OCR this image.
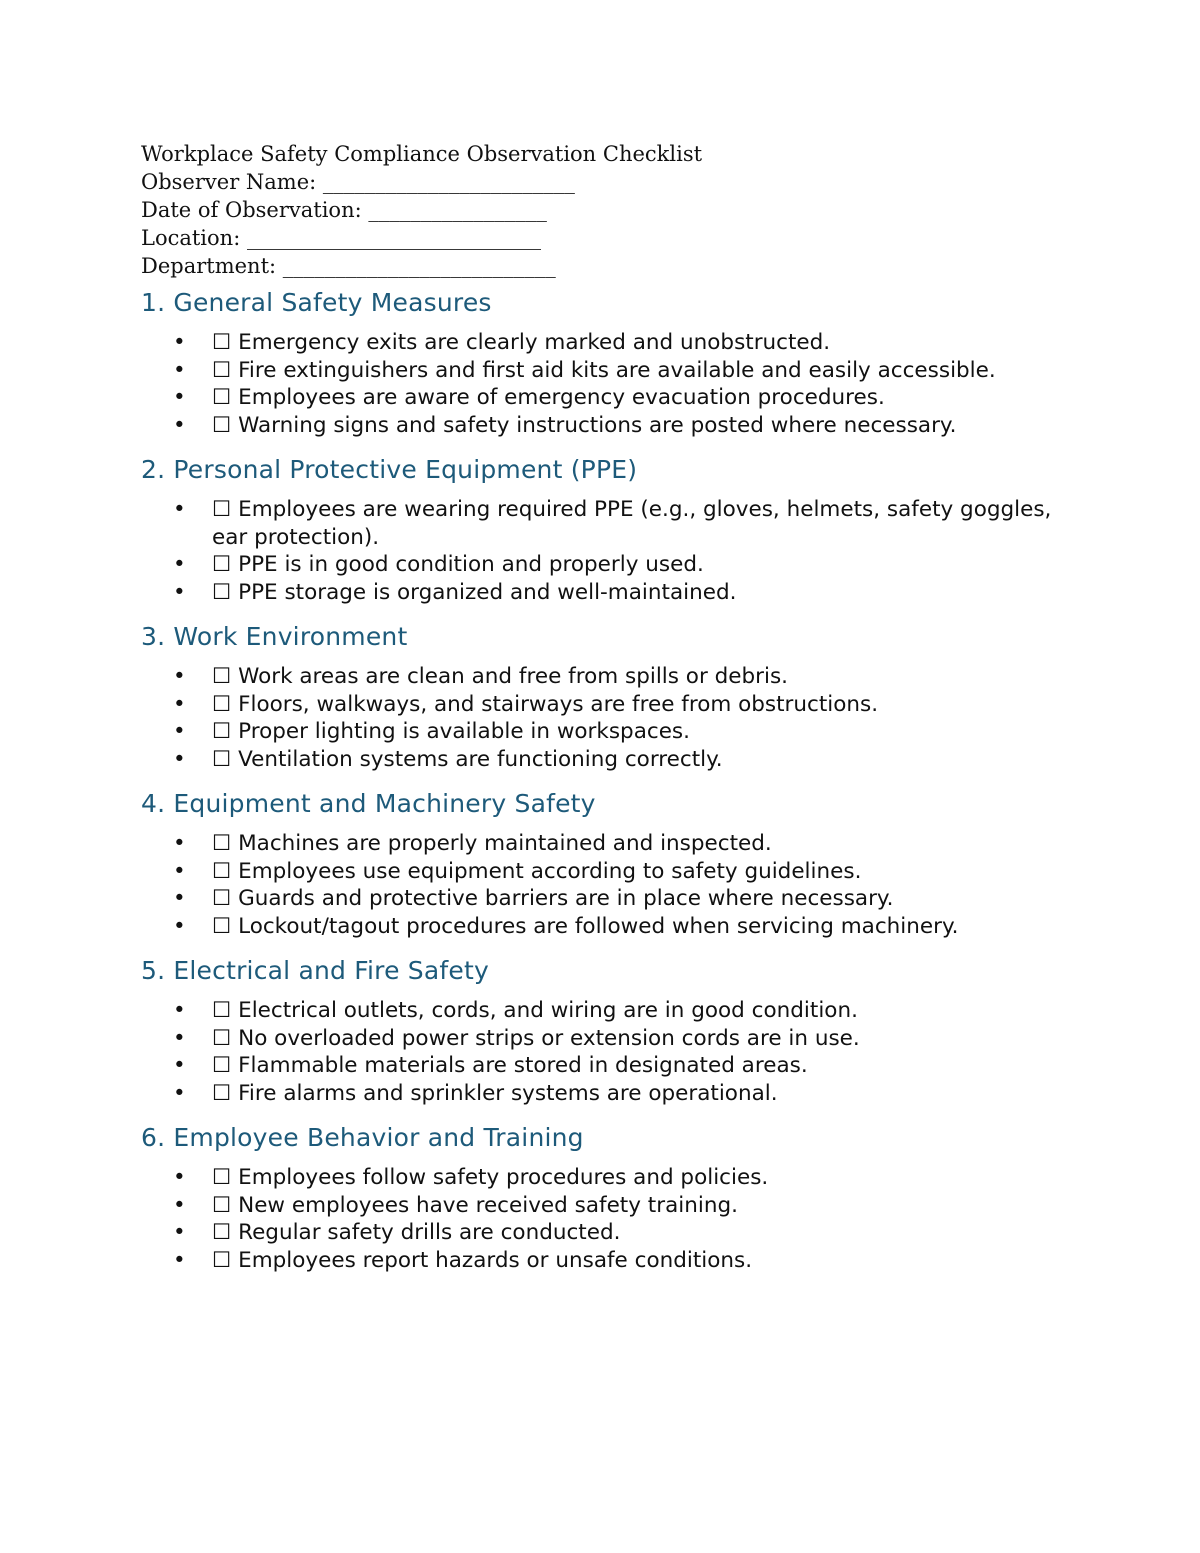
Workplace Safety Compliance Observation Checklist
Observer Name: ________________________
Date of Observation: _________________
Location: ____________________________
Department: __________________________
1. General Safety Measures
• ☐ Emergency exits are clearly marked and unobstructed.
• ☐ Fire extinguishers and first aid kits are available and easily accessible.
• ☐ Employees are aware of emergency evacuation procedures.
• ☐ Warning signs and safety instructions are posted where necessary.
2. Personal Protective Equipment (PPE)
• ☐ Employees are wearing required PPE (e.g., gloves, helmets, safety goggles, ear protection).
• ☐ PPE is in good condition and properly used.
• ☐ PPE storage is organized and well-maintained.
3. Work Environment
• ☐ Work areas are clean and free from spills or debris.
• ☐ Floors, walkways, and stairways are free from obstructions.
• ☐ Proper lighting is available in workspaces.
• ☐ Ventilation systems are functioning correctly.
4. Equipment and Machinery Safety
• ☐ Machines are properly maintained and inspected.
• ☐ Employees use equipment according to safety guidelines.
• ☐ Guards and protective barriers are in place where necessary.
• ☐ Lockout/tagout procedures are followed when servicing machinery.
5. Electrical and Fire Safety
• ☐ Electrical outlets, cords, and wiring are in good condition.
• ☐ No overloaded power strips or extension cords are in use.
• ☐ Flammable materials are stored in designated areas.
• ☐ Fire alarms and sprinkler systems are operational.
6. Employee Behavior and Training
• ☐ Employees follow safety procedures and policies.
• ☐ New employees have received safety training.
• ☐ Regular safety drills are conducted.
• ☐ Employees report hazards or unsafe conditions.
